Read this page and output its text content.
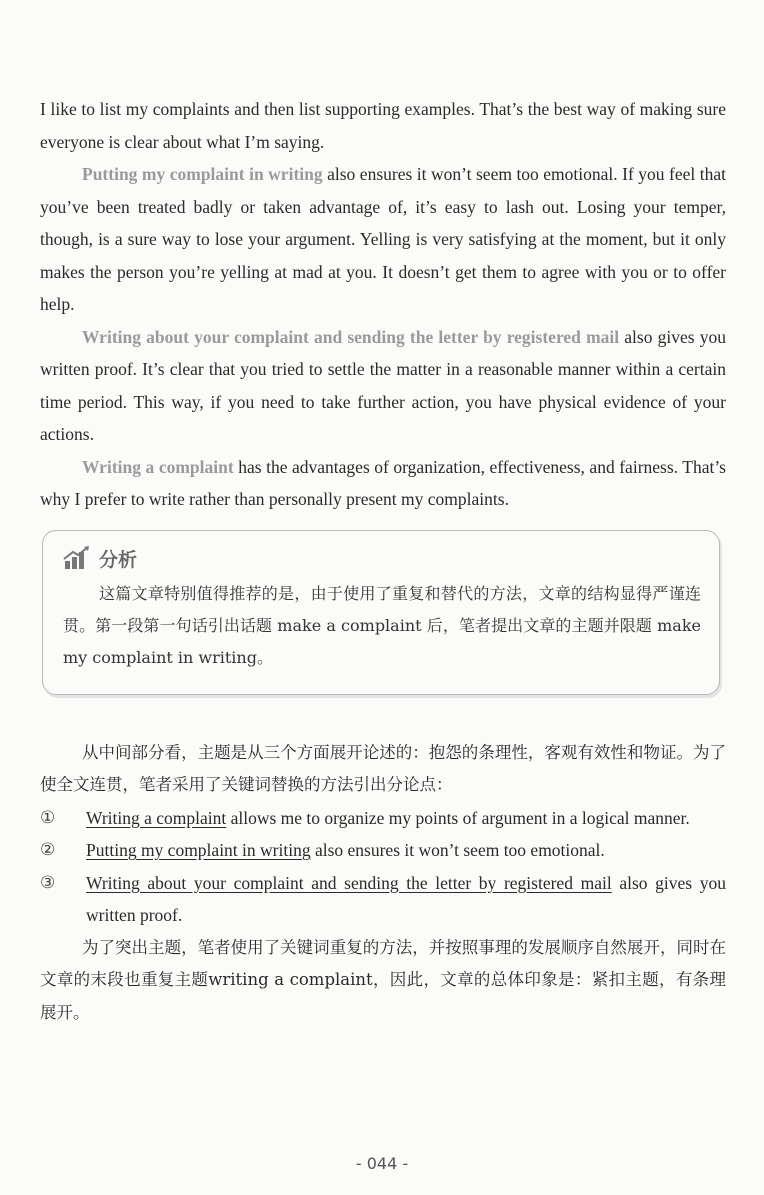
I like to list my complaints and then list supporting examples. That’s the best way of making sure everyone is clear about what I’m saying.

Putting my complaint in writing also ensures it won’t seem too emotional. If you feel that you’ve been treated badly or taken advantage of, it’s easy to lash out. Losing your temper, though, is a sure way to lose your argument. Yelling is very satisfying at the moment, but it only makes the person you’re yelling at mad at you. It doesn’t get them to agree with you or to offer help.

Writing about your complaint and sending the letter by registered mail also gives you written proof. It’s clear that you tried to settle the matter in a reasonable manner within a certain time period. This way, if you need to take further action, you have physical evidence of your actions.

Writing a complaint has the advantages of organization, effectiveness, and fairness. That’s why I prefer to write rather than personally present my complaints.

分析

这篇文章特别值得推荐的是，由于使用了重复和替代的方法，文章的结构显得严谨连贯。第一段第一句话引出话题 make a complaint 后，笔者提出文章的主题并限题 make my complaint in writing。

从中间部分看，主题是从三个方面展开论述的：抱怨的条理性，客观有效性和物证。为了使全文连贯，笔者采用了关键词替换的方法引出分论点：

①	Writing a complaint allows me to organize my points of argument in a logical manner.
②	Putting my complaint in writing also ensures it won’t seem too emotional.
③	Writing about your complaint and sending the letter by registered mail also gives you written proof.

为了突出主题，笔者使用了关键词重复的方法，并按照事理的发展顺序自然展开，同时在文章的末段也重复主题writing a complaint，因此，文章的总体印象是：紧扣主题，有条理展开。

- 044 -
